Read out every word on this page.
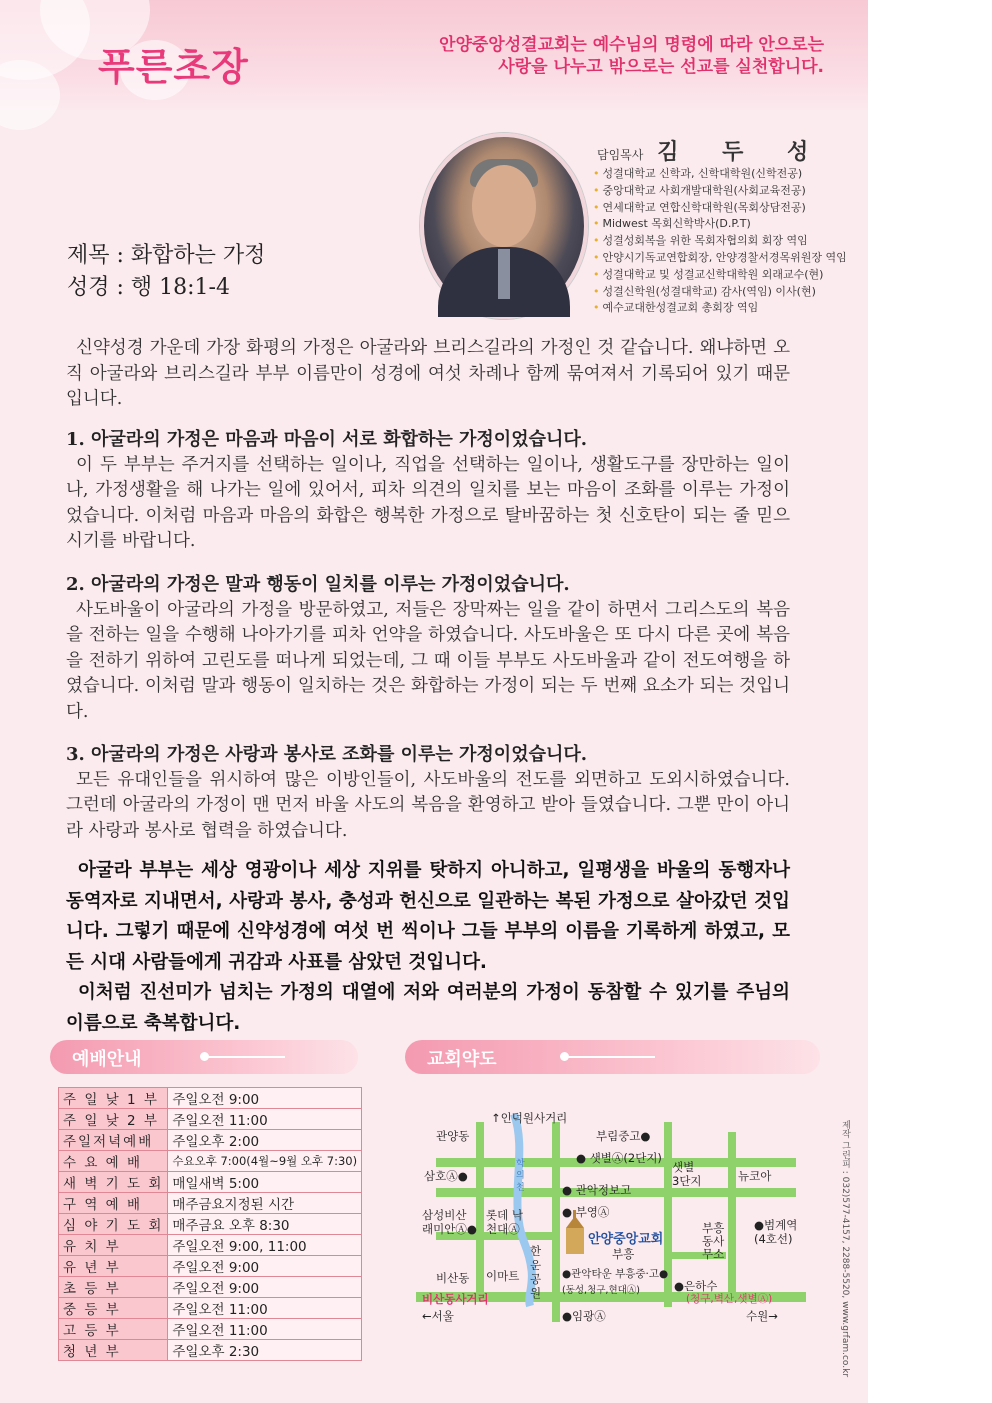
푸른초장	안양중앙성결교회는 예수님의 명령에 따라 안으로는
사랑을 나누고 밖으로는 선교를 실천합니다.
담임목사 김 두 성
• 성결대학교 신학과, 신학대학원(신학전공)
• 중앙대학교 사회개발대학원(사회교육전공)
• 연세대학교 연합신학대학원(목회상담전공)
• Midwest 목회신학박사(D.P.T)
• 성결성회복을 위한 목회자협의회 회장 역임
• 안양시기독교연합회장, 안양경찰서경목위원장 역임
• 성결대학교 및 성결교신학대학원 외래교수(현)
• 성결신학원(성결대학교) 감사(역임) 이사(현)
• 예수교대한성결교회 총회장 역임
제목 : 화합하는 가정
성경 : 행 18:1-4

신약성경 가운데 가장 화평의 가정은 아굴라와 브리스길라의 가정인 것 같습니다. 왜냐하면 오직 아굴라와 브리스길라 부부 이름만이 성경에 여섯 차례나 함께 묶여져서 기록되어 있기 때문입니다.

1. 아굴라의 가정은 마음과 마음이 서로 화합하는 가정이었습니다.

이 두 부부는 주거지를 선택하는 일이나, 직업을 선택하는 일이나, 생활도구를 장만하는 일이나, 가정생활을 해 나가는 일에 있어서, 피차 의견의 일치를 보는 마음이 조화를 이루는 가정이었습니다. 이처럼 마음과 마음의 화합은 행복한 가정으로 탈바꿈하는 첫 신호탄이 되는 줄 믿으시기를 바랍니다.

2. 아굴라의 가정은 말과 행동이 일치를 이루는 가정이었습니다.

사도바울이 아굴라의 가정을 방문하였고, 저들은 장막짜는 일을 같이 하면서 그리스도의 복음을 전하는 일을 수행해 나아가기를 피차 언약을 하였습니다. 사도바울은 또 다시 다른 곳에 복음을 전하기 위하여 고린도를 떠나게 되었는데, 그 때 이들 부부도 사도바울과 같이 전도여행을 하였습니다. 이처럼 말과 행동이 일치하는 것은 화합하는 가정이 되는 두 번째 요소가 되는 것입니다.

3. 아굴라의 가정은 사랑과 봉사로 조화를 이루는 가정이었습니다.

모든 유대인들을 위시하여 많은 이방인들이, 사도바울의 전도를 외면하고 도외시하였습니다. 그런데 아굴라의 가정이 맨 먼저 바울 사도의 복음을 환영하고 받아 들였습니다. 그뿐 만이 아니라 사랑과 봉사로 협력을 하였습니다.

아굴라 부부는 세상 영광이나 세상 지위를 탓하지 아니하고, 일평생을 바울의 동행자나 동역자로 지내면서, 사랑과 봉사, 충성과 헌신으로 일관하는 복된 가정으로 살아갔던 것입니다. 그렇기 때문에 신약성경에 여섯 번 씩이나 그들 부부의 이름을 기록하게 하였고, 모든 시대 사람들에게 귀감과 사표를 삼았던 것입니다.

이처럼 진선미가 넘치는 가정의 대열에 저와 여러분의 가정이 동참할 수 있기를 주님의 이름으로 축복합니다.

예배안내
주 일 낮 1 부	주일오전 9:00
주 일 낮 2 부	주일오전 11:00
주일저녁예배	주일오후 2:00
수 요 예 배	수요오후 7:00(4월~9월 오후 7:30)
새 벽 기 도 회	매일새벽 5:00
구 역 예 배	매주금요지정된 시간
심 야 기 도 회	매주금요 오후 8:30
유 치 부	주일오전 9:00, 11:00
유 년 부	주일오전 9:00
초 등 부	주일오전 9:00
중 등 부	주일오전 11:00
고 등 부	주일오전 11:00
청 년 부	주일오후 2:30
교회약도
↑인덕원사거리
관양동	부림중고●
● 샛별Ⓐ(2단지)
샛별 3단지	뉴코아
삼호Ⓐ●
학의천	● 관악정보고
● 부영Ⓐ
안양중앙교회
부흥
부흥 동사 무소
●범계역 (4호선)
삼성비산 래미안Ⓐ●
롯데 낙천대Ⓐ
한운 공원
비산동 이마트	●관악타운 부흥중·고●
(동성,청구,현대Ⓐ)	●은하수
비산동사거리	(청구,벽산,샛별Ⓐ)
←서울	●임광Ⓐ	수원→	제작 그린피 : 032)577-4157, 2288-5520, www.grfam.co.kr
